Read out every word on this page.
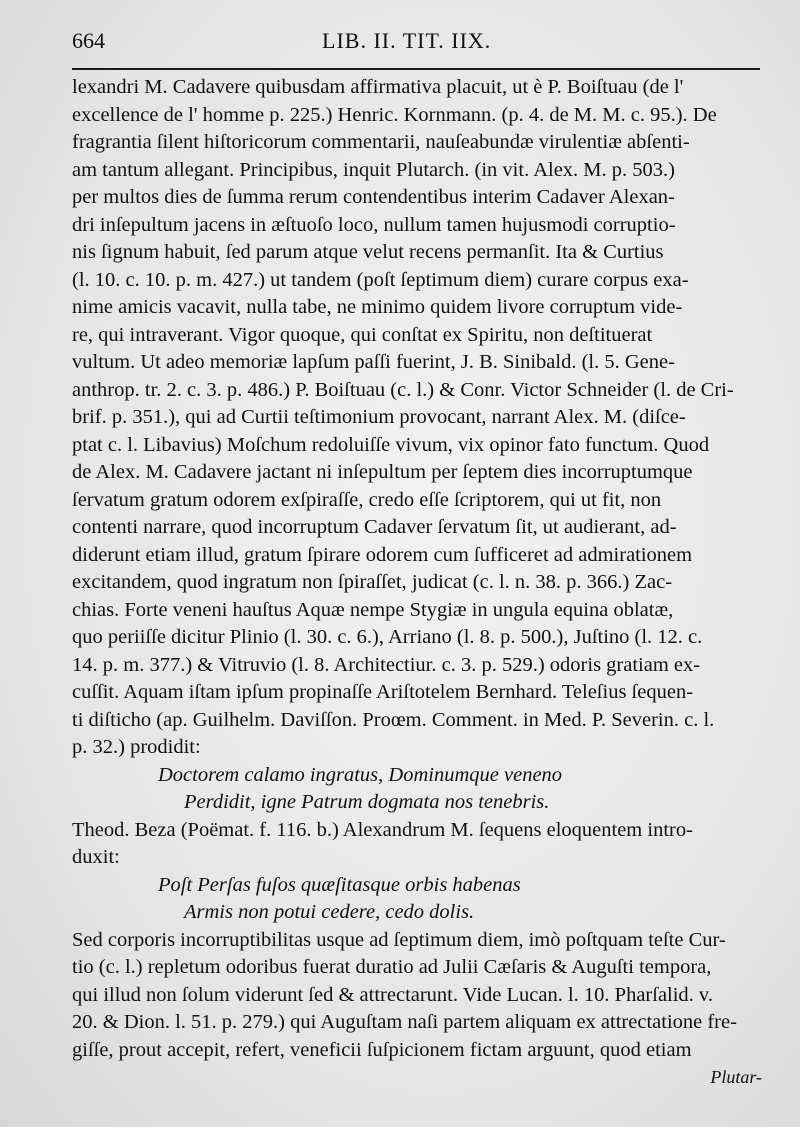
664	LIB. II. TIT. IIX.
lexandri M. Cadavere quibusdam affirmativa placuit, ut è P. Boiſtuau (de l'
excellence de l' homme p. 225.) Henric. Kornmann. (p. 4. de M. M. c. 95.). De
fragrantia ſilent hiſtoricorum commentarii, nauſeabundæ virulentiæ abſenti-
am tantum allegant. Principibus, inquit Plutarch. (in vit. Alex. M. p. 503.)
per multos dies de ſumma rerum contendentibus interim Cadaver Alexan-
dri inſepultum jacens in æſtuoſo loco, nullum tamen hujusmodi corruptio-
nis ſignum habuit, ſed parum atque velut recens permanſit. Ita & Curtius
(l. 10. c. 10. p. m. 427.) ut tandem (poſt ſeptimum diem) curare corpus exa-
nime amicis vacavit, nulla tabe, ne minimo quidem livore corruptum vide-
re, qui intraverant. Vigor quoque, qui conſtat ex Spiritu, non deſtituerat
vultum. Ut adeo memoriæ lapſum paſſi fuerint, J. B. Sinibald. (l. 5. Gene-
anthrop. tr. 2. c. 3. p. 486.) P. Boiſtuau (c. l.) & Conr. Victor Schneider (l. de Cri-
brif. p. 351.), qui ad Curtii teſtimonium provocant, narrant Alex. M. (diſce-
ptat c. l. Libavius) Moſchum redoluiſſe vivum, vix opinor fato functum. Quod
de Alex. M. Cadavere jactant ni inſepultum per ſeptem dies incorruptumque
ſervatum gratum odorem exſpiraſſe, credo eſſe ſcriptorem, qui ut fit, non
contenti narrare, quod incorruptum Cadaver ſervatum ſit, ut audierant, ad-
diderunt etiam illud, gratum ſpirare odorem cum ſufficeret ad admirationem
excitandem, quod ingratum non ſpiraſſet, judicat (c. l. n. 38. p. 366.) Zac-
chias. Forte veneni hauſtus Aquæ nempe Stygiæ in ungula equina oblatæ,
quo periiſſe dicitur Plinio (l. 30. c. 6.), Arriano (l. 8. p. 500.), Juſtino (l. 12. c.
14. p. m. 377.) & Vitruvio (l. 8. Architectiur. c. 3. p. 529.) odoris gratiam ex-
cuſſit. Aquam iſtam ipſum propinaſſe Ariſtotelem Bernhard. Teleſius ſequen-
ti diſticho (ap. Guilhelm. Daviſſon. Proœm. Comment. in Med. P. Severin. c. l.
p. 32.) prodidit:
Doctorem calamo ingratus, Dominumque veneno
Perdidit, igne Patrum dogmata nos tenebris.
Theod. Beza (Poëmat. f. 116. b.) Alexandrum M. ſequens eloquentem intro-
duxit:
Poſt Perſas fuſos quæſitasque orbis habenas
Armis non potui cedere, cedo dolis.
Sed corporis incorruptibilitas usque ad ſeptimum diem, imò poſtquam teſte Cur-
tio (c. l.) repletum odoribus fuerat duratio ad Julii Cæſaris & Auguſti tempora,
qui illud non ſolum viderunt ſed & attrectarunt. Vide Lucan. l. 10. Pharſalid. v.
20. & Dion. l. 51. p. 279.) qui Auguſtam naſi partem aliquam ex attrectatione fre-
giſſe, prout accepit, refert, veneficii ſuſpicionem fictam arguunt, quod etiam
Plutar-
